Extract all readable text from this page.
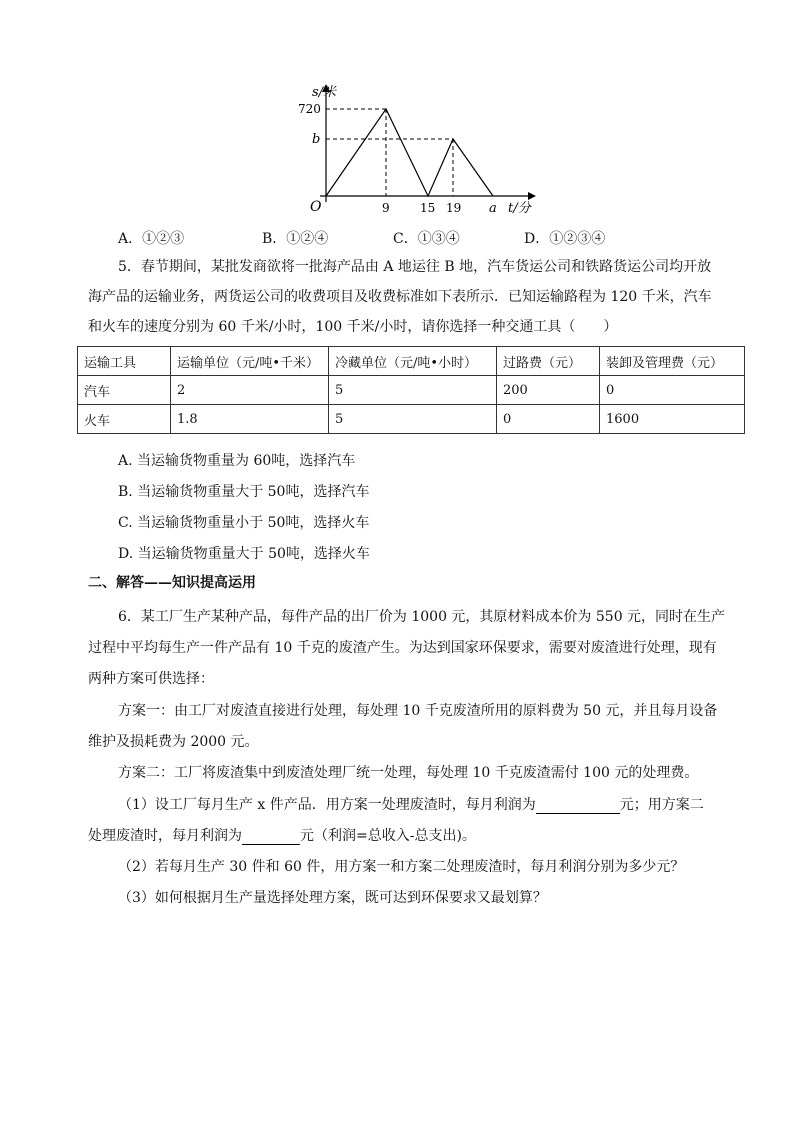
s/米
720
b
O	9	15 19 a t/分
A．①②③	B．①②④	C．①③④	D．①②③④
5．春节期间，某批发商欲将一批海产品由 A 地运往 B 地，汽车货运公司和铁路货运公司均开放
海产品的运输业务，两货运公司的收费项目及收费标准如下表所示．已知运输路程为 120 千米，汽车
和火车的速度分别为 60 千米/小时，100 千米/小时，请你选择一种交通工具（　　）
运输工具	运输单位（元/吨•千米）	冷藏单位（元/吨•小时）	过路费（元）	装卸及管理费（元）
汽车	2	5	200	0
火车	1.8	5	0	1600
A. 当运输货物重量为 60吨，选择汽车
B. 当运输货物重量大于 50吨，选择汽车
C. 当运输货物重量小于 50吨，选择火车
D. 当运输货物重量大于 50吨，选择火车
二、解答——知识提高运用
6．某工厂生产某种产品，每件产品的出厂价为 1000 元，其原材料成本价为 550 元，同时在生产
过程中平均每生产一件产品有 10 千克的废渣产生。为达到国家环保要求，需要对废渣进行处理，现有
两种方案可供选择：
方案一：由工厂对废渣直接进行处理，每处理 10 千克废渣所用的原料费为 50 元，并且每月设备
维护及损耗费为 2000 元。
方案二：工厂将废渣集中到废渣处理厂统一处理，每处理 10 千克废渣需付 100 元的处理费。
（1）设工厂每月生产 x 件产品．用方案一处理废渣时，每月利润为	元；用方案二
处理废渣时，每月利润为	元（利润=总收入-总支出)。
（2）若每月生产 30 件和 60 件，用方案一和方案二处理废渣时，每月利润分别为多少元？
（3）如何根据月生产量选择处理方案，既可达到环保要求又最划算？
